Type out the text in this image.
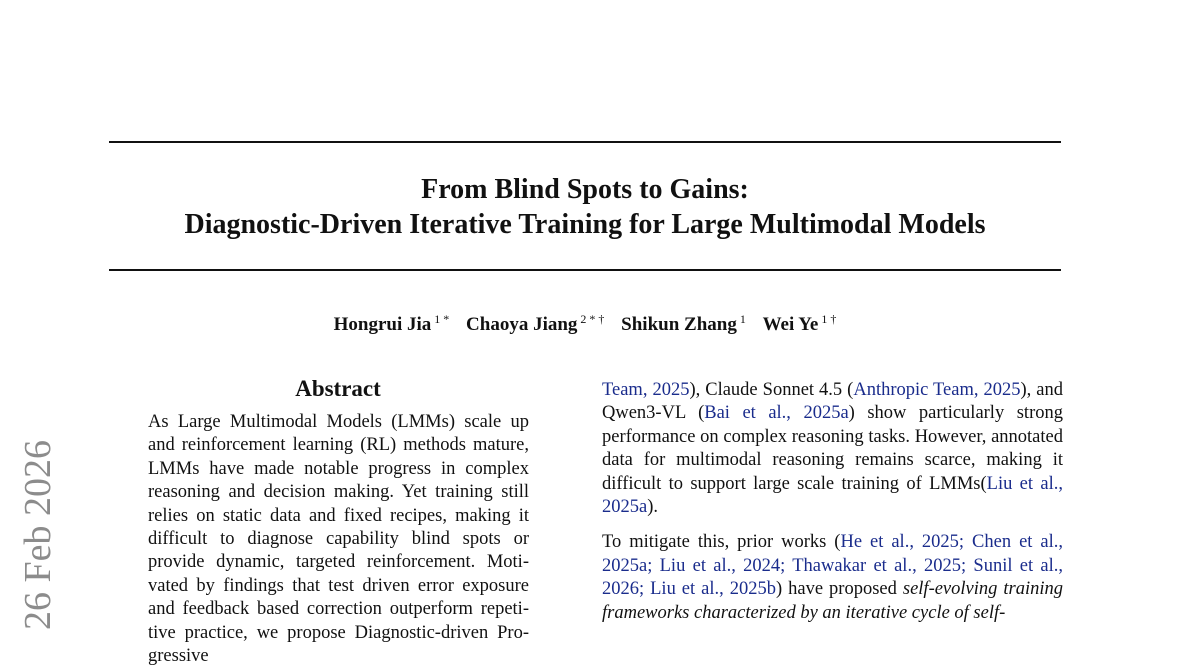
From Blind Spots to Gains:
Diagnostic-Driven Iterative Training for Large Multimodal Models
Hongrui Jia $^{1 *}$ Chaoya Jiang $^{2 * \dagger}$ Shikun Zhang $^1$ Wei Ye $^{1 \dagger}$
26 Feb 2026
Abstract

As Large Multimodal Models (LMMs) scale up and reinforcement learning (RL) methods mature, LMMs have made notable progress in complex reasoning and decision making. Yet training still relies on static data and fixed recipes, making it difficult to diagnose capability blind spots or provide dynamic, targeted reinforcement. Motivated by findings that test driven error exposure and feedback based correction outperform repetitive practice, we propose Diagnostic-driven Progressive

Team, 2025), Claude Sonnet 4.5 (Anthropic Team, 2025), and Qwen3-VL (Bai et al., 2025a) show particularly strong performance on complex reasoning tasks. However, annotated data for multimodal reasoning remains scarce, making it difficult to support large scale training of LMMs(Liu et al., 2025a).

To mitigate this, prior works (He et al., 2025; Chen et al., 2025a; Liu et al., 2024; Thawakar et al., 2025; Sunil et al., 2026; Liu et al., 2025b) have proposed self-evolving training frameworks characterized by an iterative cycle of self-
